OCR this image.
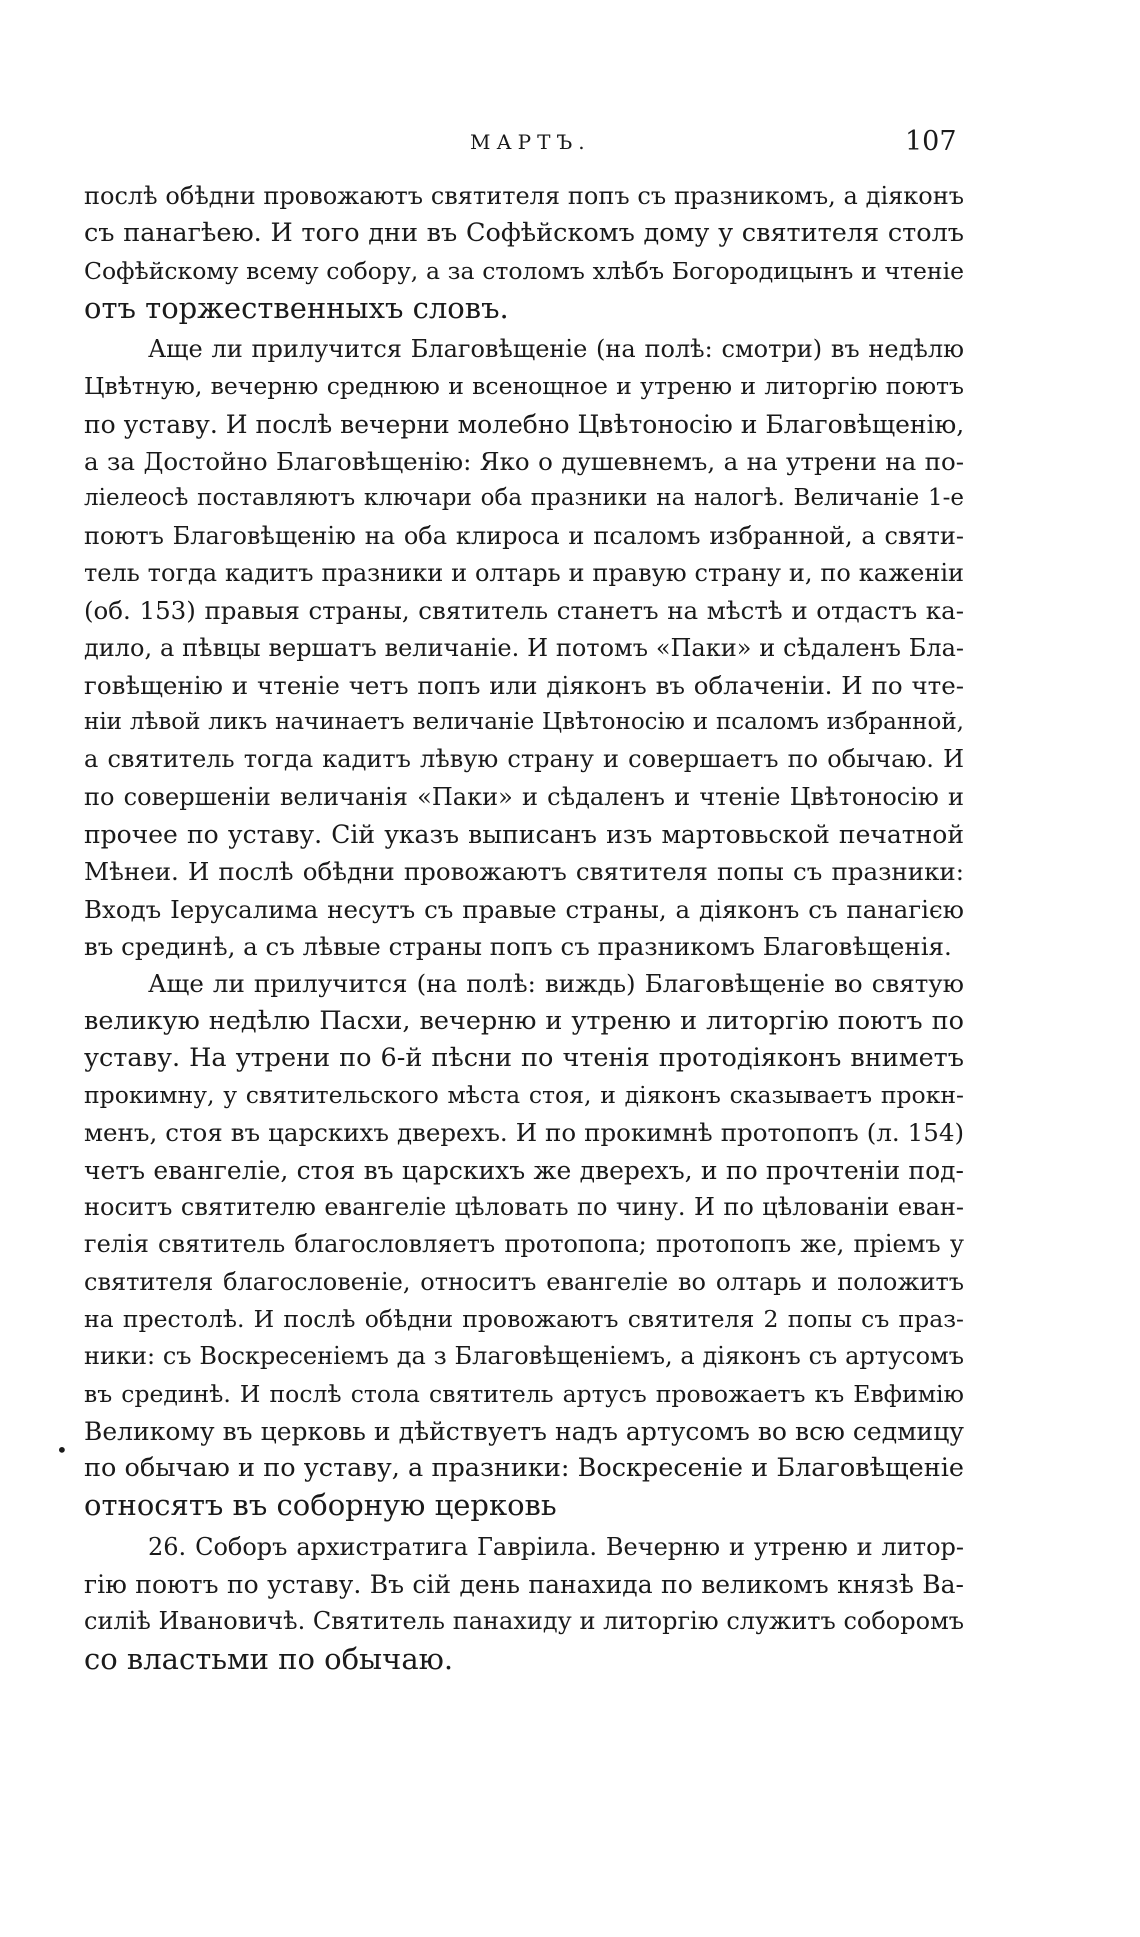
МАРТЪ.	107

послѣ обѣдни провожаютъ святителя попъ съ празникомъ, а діяконъ
съ панагѣею. И того дни въ Софѣйскомъ дому у святителя столъ
Софѣйскому всему собору, а за столомъ хлѣбъ Богородицынъ и чтеніе
отъ торжественныхъ словъ.

Аще ли прилучится Благовѣщеніе (на полѣ: смотри) въ недѣлю
Цвѣтную, вечерню среднюю и всенощное и утреню и литоргію поютъ
по уставу. И послѣ вечерни молебно Цвѣтоносію и Благовѣщенію,
а за Достойно Благовѣщенію: Яко о душевнемъ, а на утрени на по-
ліелеосѣ поставляютъ ключари оба празники на налогѣ. Величаніе 1-е
поютъ Благовѣщенію на оба клироса и псаломъ избранной, а святи-
тель тогда кадитъ празники и олтарь и правую страну и, по каженіи
(об. 153) правыя страны, святитель станетъ на мѣстѣ и отдастъ ка-
дило, а пѣвцы вершатъ величаніе. И потомъ «Паки» и сѣдаленъ Бла-
говѣщенію и чтеніе четъ попъ или діяконъ въ облаченіи. И по чте-
ніи лѣвой ликъ начинаетъ величаніе Цвѣтоносію и псаломъ избранной,
а святитель тогда кадитъ лѣвую страну и совершаетъ по обычаю. И
по совершеніи величанія «Паки» и сѣдаленъ и чтеніе Цвѣтоносію и
прочее по уставу. Сій указъ выписанъ изъ мартовьской печатной
Мѣнеи. И послѣ обѣдни провожаютъ святителя попы съ празники:
Входъ Іерусалима несутъ съ правые страны, а діяконъ съ панагією
въ срединѣ, а съ лѣвые страны попъ съ празникомъ Благовѣщенія.

Аще ли прилучится (на полѣ: виждь) Благовѣщеніе во святую
великую недѣлю Пасхи, вечерню и утреню и литоргію поютъ по
уставу. На утрени по 6-й пѣсни по чтенія протодіяконъ вниметъ
прокимну, у святительского мѣста стоя, и діяконъ сказываетъ прокн-
менъ, стоя въ царскихъ дверехъ. И по прокимнѣ протопопъ (л. 154)
четъ евангеліе, стоя въ царскихъ же дверехъ, и по прочтеніи под-
носитъ святителю евангеліе цѣловать по чину. И по цѣлованіи еван-
гелія святитель благословляетъ протопопа; протопопъ же, пріемъ у
святителя благословеніе, относитъ евангеліе во олтарь и положитъ
на престолѣ. И послѣ обѣдни провожаютъ святителя 2 попы съ праз-
ники: съ Воскресеніемъ да з Благовѣщеніемъ, а діяконъ съ артусомъ
въ срединѣ. И послѣ стола святитель артусъ провожаетъ къ Евфимію
Великому въ церковь и дѣйствуетъ надъ артусомъ во всю седмицу
по обычаю и по уставу, а празники: Воскресеніе и Благовѣщеніе
относятъ въ соборную церковь

26. Соборъ архистратига Гавріила. Вечерню и утреню и литор-
гію поютъ по уставу. Въ сій день панахида по великомъ князѣ Ва-
силіѣ Ивановичѣ. Святитель панахиду и литоргію служитъ соборомъ
со властьми по обычаю.

•
